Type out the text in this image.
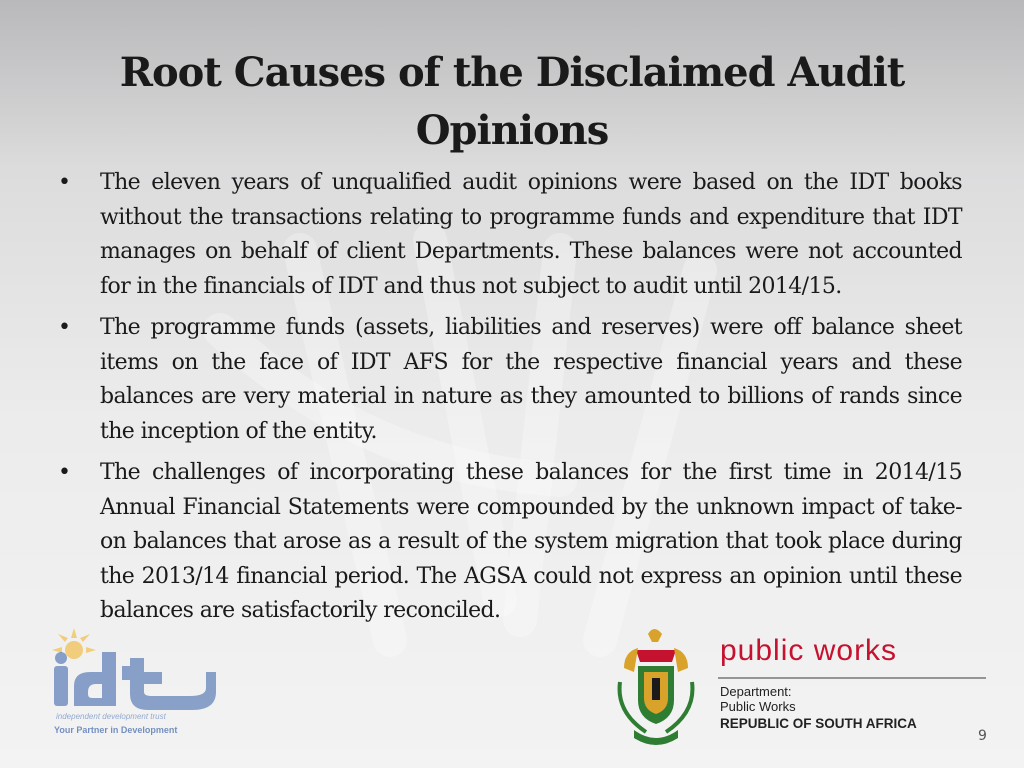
Root Causes of the Disclaimed Audit Opinions
• The eleven years of unqualified audit opinions were based on the IDT books without the transactions relating to programme funds and expenditure that IDT manages on behalf of client Departments. These balances were not accounted for in the financials of IDT and thus not subject to audit until 2014/15.
• The programme funds (assets, liabilities and reserves) were off balance sheet items on the face of IDT AFS for the respective financial years and these balances are very material in nature as they amounted to billions of rands since the inception of the entity.
• The challenges of incorporating these balances for the first time in 2014/15 Annual Financial Statements were compounded by the unknown impact of take-on balances that arose as a result of the system migration that took place during the 2013/14 financial period. The AGSA could not express an opinion until these balances are satisfactorily reconciled.
independent development trust
Your Partner in Development
public works
Department:
Public Works
REPUBLIC OF SOUTH AFRICA
9
